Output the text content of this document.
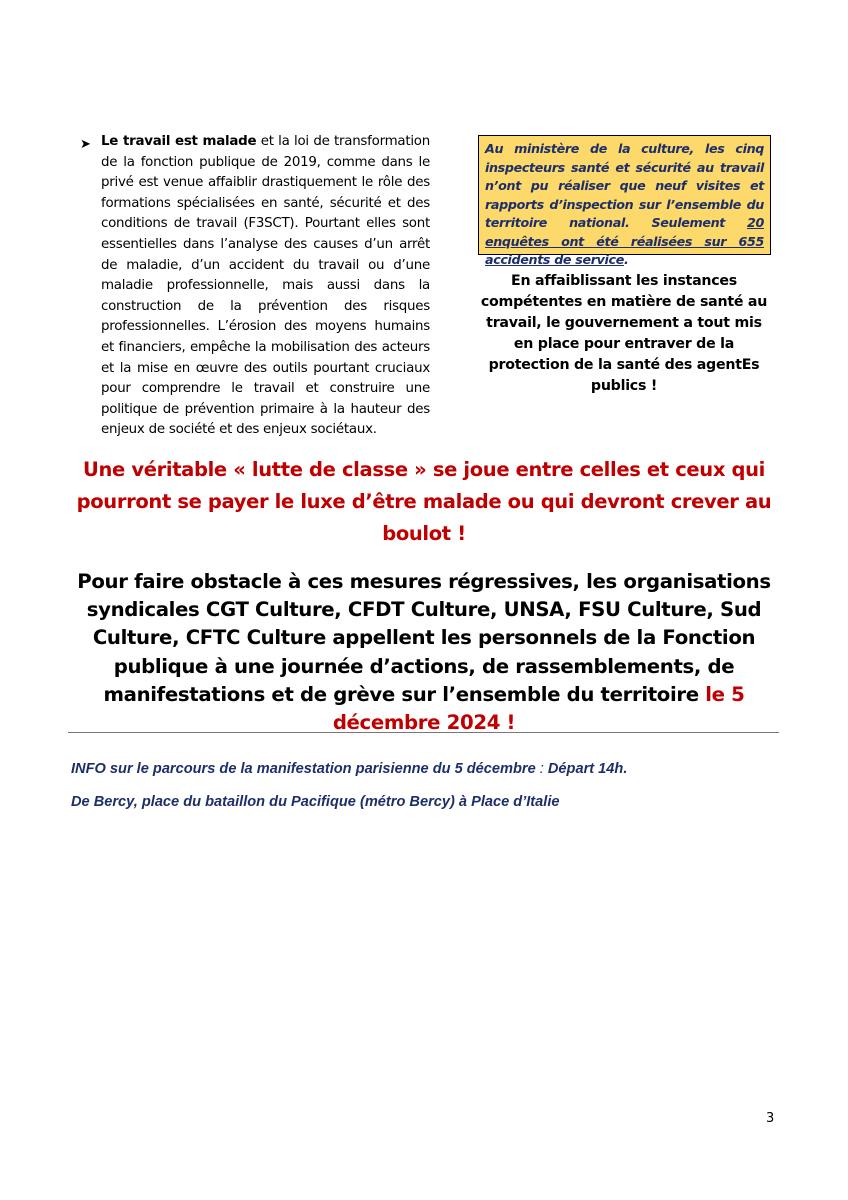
➤ Le travail est malade et la loi de transformation de la fonction publique de 2019, comme dans le privé est venue affaiblir drastiquement le rôle des formations spécialisées en santé, sécurité et des conditions de travail (F3SCT). Pourtant elles sont essentielles dans l’analyse des causes d’un arrêt de maladie, d’un accident du travail ou d’une maladie professionnelle, mais aussi dans la construction de la prévention des risques professionnelles. L’érosion des moyens humains et financiers, empêche la mobilisation des acteurs et la mise en œuvre des outils pourtant cruciaux pour comprendre le travail et construire une politique de prévention primaire à la hauteur des enjeux de société et des enjeux sociétaux.
Au ministère de la culture, les cinq inspecteurs santé et sécurité au travail n’ont pu réaliser que neuf visites et rapports d’inspection sur l’ensemble du territoire national. Seulement 20 enquêtes ont été réalisées sur 655 accidents de service.
En affaiblissant les instances compétentes en matière de santé au travail, le gouvernement a tout mis en place pour entraver de la protection de la santé des agentEs publics !
Une véritable « lutte de classe » se joue entre celles et ceux qui pourront se payer le luxe d’être malade ou qui devront crever au boulot !
Pour faire obstacle à ces mesures régressives, les organisations syndicales CGT Culture, CFDT Culture, UNSA, FSU Culture, Sud Culture, CFTC Culture appellent les personnels de la Fonction publique à une journée d’actions, de rassemblements, de manifestations et de grève sur l’ensemble du territoire le 5 décembre 2024 !
INFO sur le parcours de la manifestation parisienne du 5 décembre : Départ 14h.
De Bercy, place du bataillon du Pacifique (métro Bercy) à Place d’Italie
3
